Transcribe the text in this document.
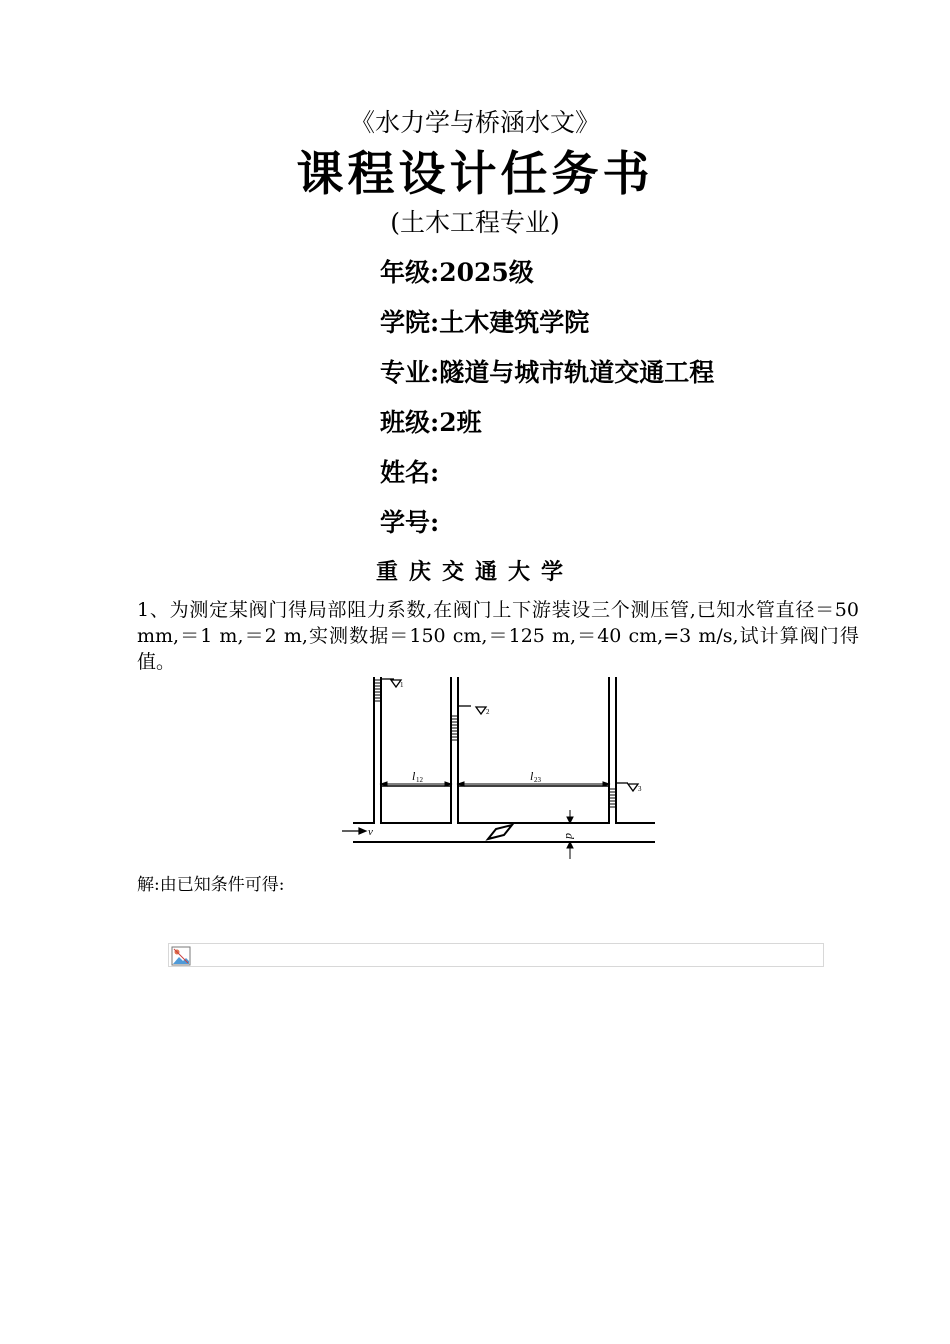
《水力学与桥涵水文》
课程设计任务书
(土木工程专业)
年级:2025级
学院:土木建筑学院
专业:隧道与城市轨道交通工程
班级:2班
姓名:
学号:
重庆交通大学
1、为测定某阀门得局部阻力系数,在阀门上下游装设三个测压管,已知水管直径＝50 mm,＝1 m,＝2 m,实测数据＝150 cm,＝125 m,＝40 cm,=3 m/s,试计算阀门得值。
1
2
3
l 12	l 23
v	d
解:由已知条件可得:
